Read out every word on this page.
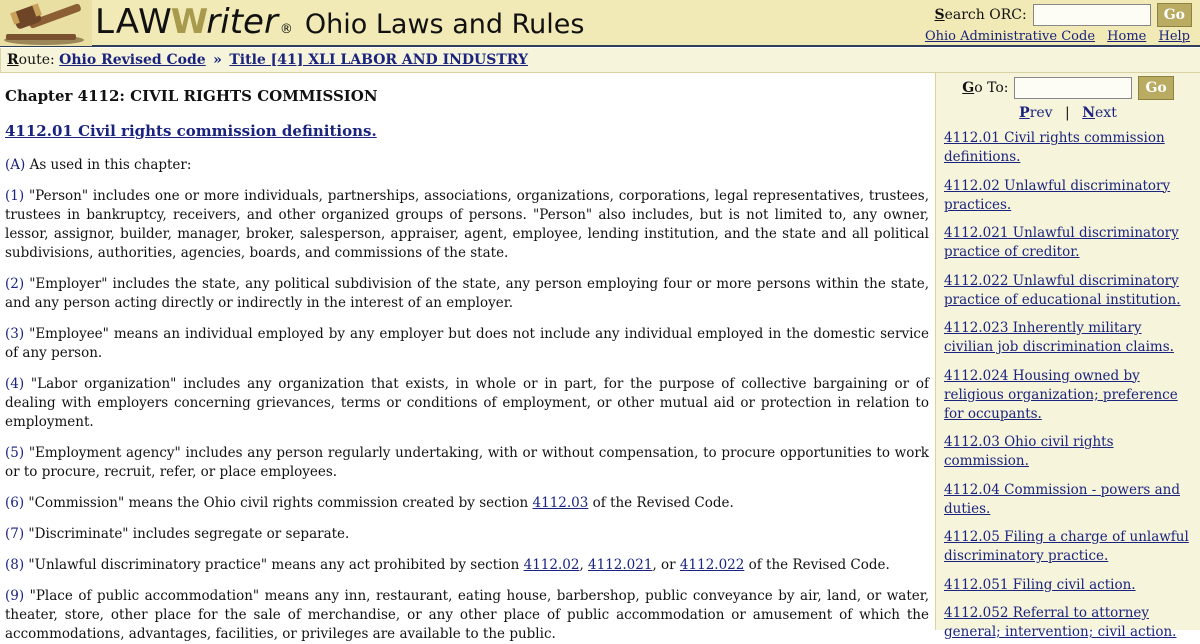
LAW
W
riter ® Ohio Laws and Rules	Search ORC:	Go
Ohio Administrative Code Home Help
Route: Ohio Revised Code » Title [41] XLI LABOR AND INDUSTRY
Chapter 4112: CIVIL RIGHTS COMMISSION
4112.01 Civil rights commission definitions.

(A) As used in this chapter:

(1) "Person" includes one or more individuals, partnerships, associations, organizations, corporations, legal representatives, trustees, trustees in bankruptcy, receivers, and other organized groups of persons. "Person" also includes, but is not limited to, any owner, lessor, assignor, builder, manager, broker, salesperson, appraiser, agent, employee, lending institution, and the state and all political subdivisions, authorities, agencies, boards, and commissions of the state.

(2) "Employer" includes the state, any political subdivision of the state, any person employing four or more persons within the state, and any person acting directly or indirectly in the interest of an employer.

(3) "Employee" means an individual employed by any employer but does not include any individual employed in the domestic service of any person.

(4) "Labor organization" includes any organization that exists, in whole or in part, for the purpose of collective bargaining or of dealing with employers concerning grievances, terms or conditions of employment, or other mutual aid or protection in relation to employment.

(5) "Employment agency" includes any person regularly undertaking, with or without compensation, to procure opportunities to work or to procure, recruit, refer, or place employees.

(6) "Commission" means the Ohio civil rights commission created by section 4112.03 of the Revised Code.

(7) "Discriminate" includes segregate or separate.

(8) "Unlawful discriminatory practice" means any act prohibited by section 4112.02, 4112.021, or 4112.022 of the Revised Code.

(9) "Place of public accommodation" means any inn, restaurant, eating house, barbershop, public conveyance by air, land, or water, theater, store, other place for the sale of merchandise, or any other place of public accommodation or amusement of which the accommodations, advantages, facilities, or privileges are available to the public.

Go To:	Go
Prev | Next
4112.01 Civil rights commission definitions.
4112.02 Unlawful discriminatory practices.
4112.021 Unlawful discriminatory practice of creditor.
4112.022 Unlawful discriminatory practice of educational institution.
4112.023 Inherently military civilian job discrimination claims.
4112.024 Housing owned by religious organization; preference for occupants.
4112.03 Ohio civil rights commission.
4112.04 Commission - powers and duties.
4112.05 Filing a charge of unlawful discriminatory practice.
4112.051 Filing civil action.
4112.052 Referral to attorney general; intervention; civil action.
